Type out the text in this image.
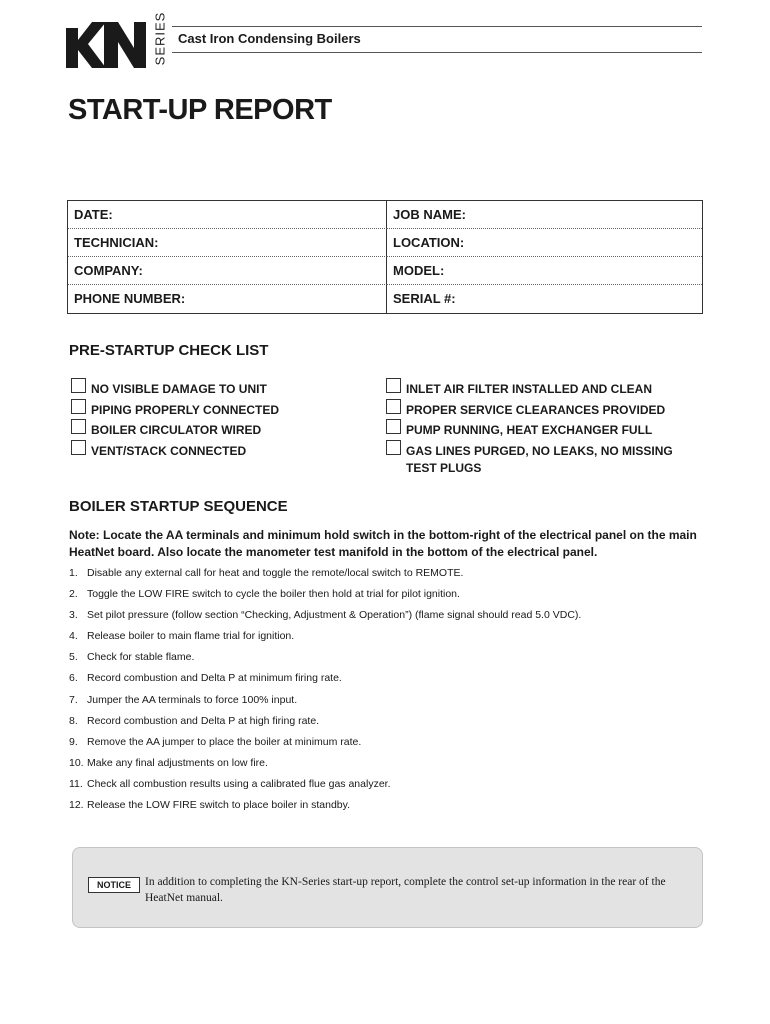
SERIES Cast Iron Condensing Boilers
START-UP REPORT
DATE:	JOB NAME:
TECHNICIAN:	LOCATION:
COMPANY:	MODEL:
PHONE NUMBER:	SERIAL #:
PRE-STARTUP CHECK LIST
NO VISIBLE DAMAGE TO UNIT
PIPING PROPERLY CONNECTED
BOILER CIRCULATOR WIRED
VENT/STACK CONNECTED
INLET AIR FILTER INSTALLED AND CLEAN
PROPER SERVICE CLEARANCES PROVIDED
PUMP RUNNING, HEAT EXCHANGER FULL
GAS LINES PURGED, NO LEAKS, NO MISSING TEST PLUGS
BOILER STARTUP SEQUENCE
Note: Locate the AA terminals and minimum hold switch in the bottom-right of the electrical panel on the main HeatNet board. Also locate the manometer test manifold in the bottom of the electrical panel.
1. Disable any external call for heat and toggle the remote/local switch to REMOTE.
2. Toggle the LOW FIRE switch to cycle the boiler then hold at trial for pilot ignition.
3. Set pilot pressure (follow section “Checking, Adjustment & Operation”) (flame signal should read 5.0 VDC).
4. Release boiler to main flame trial for ignition.
5. Check for stable flame.
6. Record combustion and Delta P at minimum firing rate.
7. Jumper the AA terminals to force 100% input.
8. Record combustion and Delta P at high firing rate.
9. Remove the AA jumper to place the boiler at minimum rate.
10. Make any final adjustments on low fire.
11. Check all combustion results using a calibrated flue gas analyzer.
12. Release the LOW FIRE switch to place boiler in standby.
NOTICE	In addition to completing the KN-Series start-up report, complete the control set-up information in the rear of the HeatNet manual.
